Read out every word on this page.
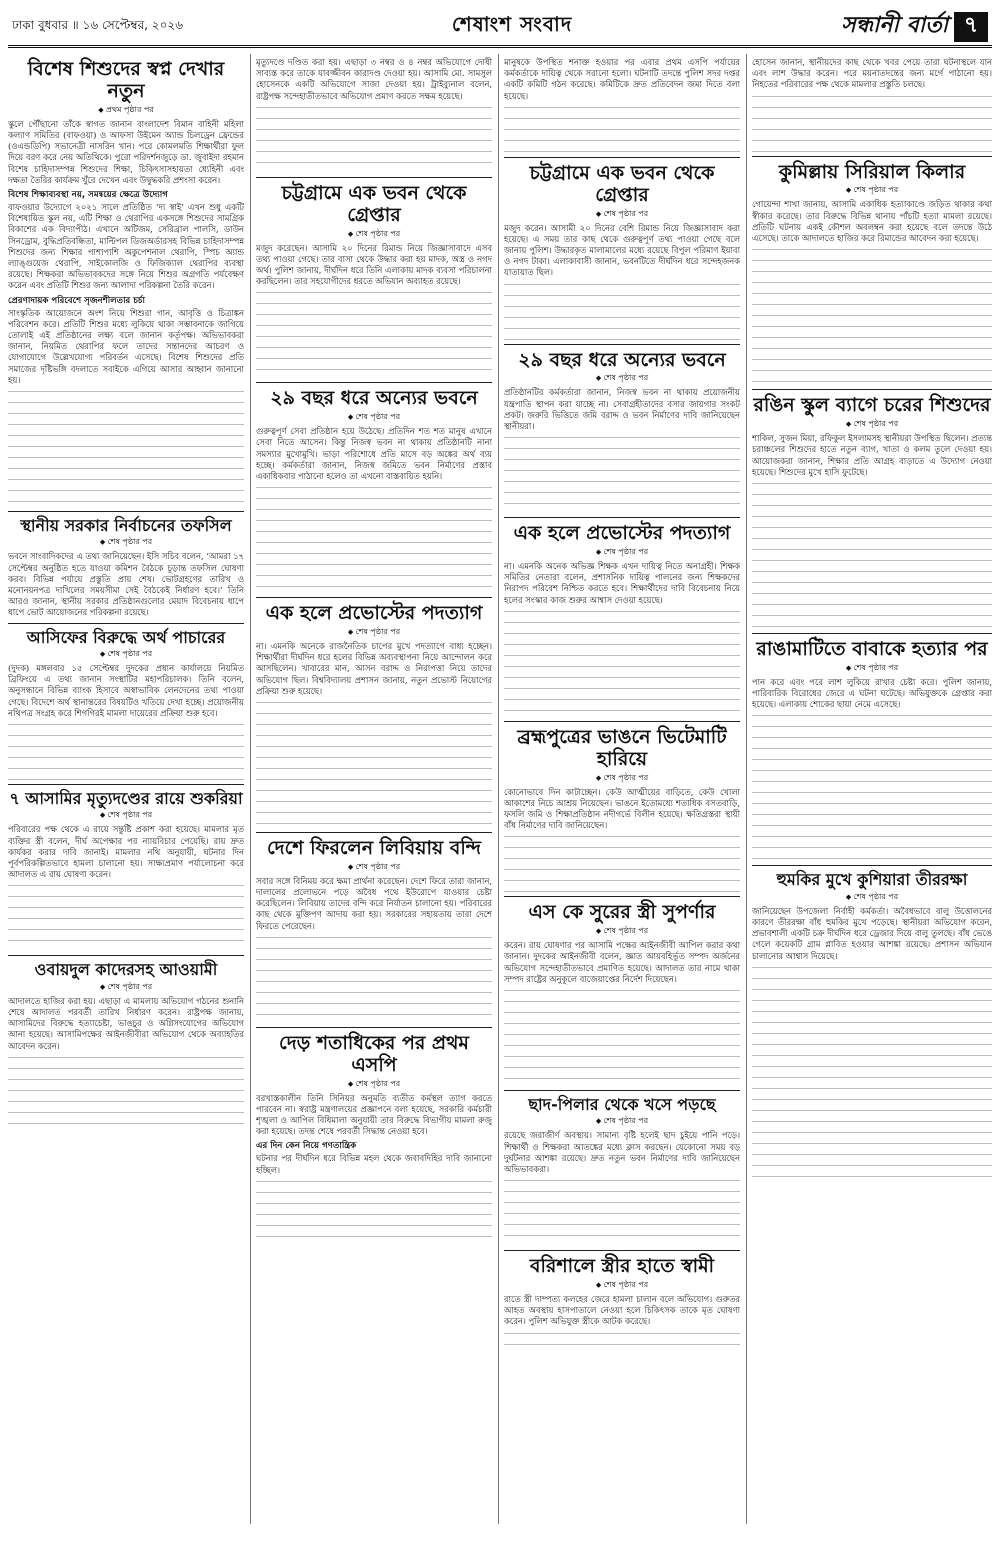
ঢাকা বুধবার ॥ ১৬ সেপ্টেম্বর, ২০২৬	শেষাংশ সংবাদ	সন্ধানী বার্তা ৭
বিশেষ শিশুদের স্বপ্ন দেখার নতুন
◆ প্রথম পৃষ্ঠার পর

স্কুলে পৌঁছানো তাঁকে স্বাগত জানান বাংলাদেশ বিমান বাহিনী মহিলা কল্যাণ সমিতির (বাফওয়া) ও আফসা উইমেন অ্যান্ড চিলড্রেন ফ্রেন্ডের (ওএন্ডডিপি) সভানেত্রী নাসরিন খান। পরে কোমলমতি শিক্ষার্থীরা ফুল দিয়ে বরণ করে নেয় অতিথিকে। পুরো পরিদর্শনজুড়ে ডা. জুবাইদা রহমান বিশেষ চাহিদাসম্পন্ন শিশুদের শিক্ষা, চিকিৎসাসহায়তা ধ্যেহিনী এবং দক্ষতা তৈরির কার্যক্রম খুঁরে দেখেন এবং উদ্বুদ্ধকরি প্রশংসা করেন।

বিশেষ শিক্ষাব্যবস্থা নয়, সমন্বয়ের ক্ষেত্রে উদ্যোগ

বাফওয়ার উদ্যোগে ২০২১ সালে প্রতিষ্ঠিত ‘দ্য স্বাই’ এখন শুধু একটি বিশেষায়িত স্কুল নয়, এটি শিক্ষা ও থেরাপির একসঙ্গে শিশুদের সামগ্রিক বিকাশের এক বিদ্যাপীঠ। এখানে অটিজম, সেরিব্রাল পালসি, ডাউন সিনড্রোম, বুদ্ধিপ্রতিবন্ধিতা, মাল্টিপল ডিজঅর্ডারসহ বিভিন্ন চাহিদাসম্পন্ন শিশুদের জন্য শিক্ষার পাশাপাশি অকুপেশনাল থেরাপি, স্পিচ অ্যান্ড ল্যাঙ্গুয়েজ থেরাপি, সাইকোলজি ও ফিজিক্যাল থেরাপির ব্যবস্থা রয়েছে। শিক্ষকরা অভিভাবকদের সঙ্গে নিয়ে শিশুর অগ্রগতি পর্যবেক্ষণ করেন এবং প্রতিটি শিশুর জন্য আলাদা পরিকল্পনা তৈরি করেন।

প্রেরণাদায়ক পরিবেশে সৃজনশীলতার চর্চা

সাংস্কৃতিক আয়োজনে অংশ নিয়ে শিশুরা গান, আবৃত্তি ও চিত্রাঙ্কন পরিবেশন করে। প্রতিটি শিশুর মধ্যে লুকিয়ে থাকা সম্ভাবনাকে জাগিয়ে তোলাই এই প্রতিষ্ঠানের লক্ষ্য বলে জানান কর্তৃপক্ষ। অভিভাবকরা জানান, নিয়মিত থেরাপির ফলে তাদের সন্তানদের আচরণ ও যোগাযোগে উল্লেখযোগ্য পরিবর্তন এসেছে। বিশেষ শিশুদের প্রতি সমাজের দৃষ্টিভঙ্গি বদলাতে সবাইকে এগিয়ে আসার আহ্বান জানানো হয়।

স্থানীয় সরকার নির্বাচনের তফসিল
◆ শেষ পৃষ্ঠার পর

ভবনে সাংবাদিকদের এ তথ্য জানিয়েছেন। ইসি সচিব বলেন, ‘আমরা ১৭ সেপ্টেম্বর অনুষ্ঠিত হতে যাওয়া কমিশন বৈঠকে চূড়ান্ত তফসিল ঘোষণা করব। বিভিন্ন পর্যায়ে প্রস্তুতি প্রায় শেষ। ভোটগ্রহণের তারিখ ও মনোনয়নপত্র দাখিলের সময়সীমা সেই বৈঠকেই নির্ধারণ হবে।’ তিনি আরও জানান, স্থানীয় সরকার প্রতিষ্ঠানগুলোর মেয়াদ বিবেচনায় ধাপে ধাপে ভোট আয়োজনের পরিকল্পনা রয়েছে।

আসিফের বিরুদ্ধে অর্থ পাচারের
◆ শেষ পৃষ্ঠার পর

(দুদক) মঙ্গলবার ১৫ সেপ্টেম্বর দুদকের প্রধান কার্যালয়ে নিয়মিত ব্রিফিংয়ে এ তথ্য জানান সংস্থাটির মহাপরিচালক। তিনি বলেন, অনুসন্ধানে বিভিন্ন ব্যাংক হিসাবে অস্বাভাবিক লেনদেনের তথ্য পাওয়া গেছে। বিদেশে অর্থ স্থানান্তরের বিষয়টিও খতিয়ে দেখা হচ্ছে। প্রয়োজনীয় নথিপত্র সংগ্রহ করে শিগগিরই মামলা দায়েরের প্রক্রিয়া শুরু হবে।

৭ আসামির মৃত্যুদণ্ডের রায়ে শুকরিয়া
◆ শেষ পৃষ্ঠার পর

পরিবারের পক্ষ থেকে এ রায়ে সন্তুষ্টি প্রকাশ করা হয়েছে। মামলার মৃত ব্যক্তির স্ত্রী বলেন, দীর্ঘ অপেক্ষার পর ন্যায়বিচার পেয়েছি। রায় দ্রুত কার্যকর করার দাবি জানাই। মামলার নথি অনুযায়ী, ঘটনার দিন পূর্বপরিকল্পিতভাবে হামলা চালানো হয়। সাক্ষ্যপ্রমাণ পর্যালোচনা করে আদালত এ রায় ঘোষণা করেন।

ওবায়দুল কাদেরসহ আওয়ামী
◆ শেষ পৃষ্ঠার পর

আদালতে হাজির করা হয়। এছাড়া এ মামলায় অভিযোগ গঠনের শুনানি শেষে আদালত পরবর্তী তারিখ নির্ধারণ করেন। রাষ্ট্রপক্ষ জানায়, আসামিদের বিরুদ্ধে হত্যাচেষ্টা, ভাঙচুর ও অগ্নিসংযোগের অভিযোগ আনা হয়েছে। আসামিপক্ষের আইনজীবীরা অভিযোগ থেকে অব্যাহতির আবেদন করেন।

মৃত্যুদণ্ডে দণ্ডিত করা হয়। এছাড়া ৩ নম্বর ও ৪ নম্বর অভিযোগে দোষী সাব্যস্ত করে তাকে যাবজ্জীবন কারাদণ্ড দেওয়া হয়। আসামি মো. সামসুল হোসেনকে একটি অভিযোগে সাজা দেওয়া হয়। ট্রাইব্যুনাল বলেন, রাষ্ট্রপক্ষ সন্দেহাতীতভাবে অভিযোগ প্রমাণ করতে সক্ষম হয়েছে।

চট্টগ্রামে এক ভবন থেকে গ্রেপ্তার
◆ শেষ পৃষ্ঠার পর

মজুদ করেছেন। আসামি ২০ দিনের রিমান্ড নিয়ে জিজ্ঞাসাবাদে এসব তথ্য পাওয়া গেছে। তার বাসা থেকে উদ্ধার করা হয় মাদক, অস্ত্র ও নগদ অর্থ। পুলিশ জানায়, দীর্ঘদিন ধরে তিনি এলাকায় মাদক ব্যবসা পরিচালনা করছিলেন। তার সহযোগীদের ধরতে অভিযান অব্যাহত রয়েছে।

২৯ বছর ধরে অন্যের ভবনে
◆ শেষ পৃষ্ঠার পর

গুরুত্বপূর্ণ সেবা প্রতিষ্ঠান হয়ে উঠেছে। প্রতিদিন শত শত মানুষ এখানে সেবা নিতে আসেন। কিন্তু নিজস্ব ভবন না থাকায় প্রতিষ্ঠানটি নানা সমস্যার মুখোমুখি। ভাড়া পরিশোধে প্রতি মাসে বড় অঙ্কের অর্থ ব্যয় হচ্ছে। কর্মকর্তারা জানান, নিজস্ব জমিতে ভবন নির্মাণের প্রস্তাব একাধিকবার পাঠানো হলেও তা এখনো বাস্তবায়িত হয়নি।

এক হলে প্রভোস্টের পদত্যাগ
◆ শেষ পৃষ্ঠার পর

না। এমনকি অনেকে রাজনৈতিক চাপের মুখে পদত্যাগে বাধ্য হচ্ছেন। শিক্ষার্থীরা দীর্ঘদিন ধরে হলের বিভিন্ন অব্যবস্থাপনা নিয়ে আন্দোলন করে আসছিলেন। খাবারের মান, আসন বরাদ্দ ও নিরাপত্তা নিয়ে তাদের অভিযোগ ছিল। বিশ্ববিদ্যালয় প্রশাসন জানায়, নতুন প্রভোস্ট নিয়োগের প্রক্রিয়া শুরু হয়েছে।

দেশে ফিরলেন লিবিয়ায় বন্দি
◆ শেষ পৃষ্ঠার পর

সবার সঙ্গে বিনিময় করে ক্ষমা প্রার্থনা করেছেন। দেশে ফিরে তারা জানান, দালালের প্রলোভনে পড়ে অবৈধ পথে ইউরোপে যাওয়ার চেষ্টা করেছিলেন। লিবিয়ায় তাদের বন্দি করে নির্যাতন চালানো হয়। পরিবারের কাছ থেকে মুক্তিপণ আদায় করা হয়। সরকারের সহায়তায় তারা দেশে ফিরতে পেরেছেন।

দেড় শতাধিকের পর প্রথম এসপি
◆ শেষ পৃষ্ঠার পর

বরখাস্তকালীন তিনি সিনিয়র অনুমতি ব্যতীত কর্মস্থল ত্যাগ করতে পারবেন না। স্বরাষ্ট্র মন্ত্রণালয়ের প্রজ্ঞাপনে বলা হয়েছে, সরকারি কর্মচারী শৃঙ্খলা ও আপিল বিধিমালা অনুযায়ী তার বিরুদ্ধে বিভাগীয় মামলা রুজু করা হয়েছে। তদন্ত শেষে পরবর্তী সিদ্ধান্ত নেওয়া হবে।

এর দিন কেন নিয়ে গণতান্ত্রিক

ঘটনার পর দীর্ঘদিন ধরে বিভিন্ন মহল থেকে জবাবদিহির দাবি জানানো হচ্ছিল।

মানুষকে উপস্থিত শনাক্ত হওয়ার পর এবার প্রথম এসপি পর্যায়ের কর্মকর্তাকে দায়িত্ব থেকে সরানো হলো। ঘটনাটি তদন্তে পুলিশ সদর দপ্তর একটি কমিটি গঠন করেছে। কমিটিকে দ্রুত প্রতিবেদন জমা দিতে বলা হয়েছে।

চট্টগ্রামে এক ভবন থেকে গ্রেপ্তার
◆ শেষ পৃষ্ঠার পর

মজুদ করেন। আসামী ২০ দিনের বেশি রিমান্ড নিয়ে জিজ্ঞাসাবাদ করা হয়েছে। এ সময় তার কাছ থেকে গুরুত্বপূর্ণ তথ্য পাওয়া গেছে বলে জানায় পুলিশ। উদ্ধারকৃত মালামালের মধ্যে রয়েছে বিপুল পরিমাণ ইয়াবা ও নগদ টাকা। এলাকাবাসী জানান, ভবনটিতে দীর্ঘদিন ধরে সন্দেহজনক যাতায়াত ছিল।

২৯ বছর ধরে অন্যের ভবনে
◆ শেষ পৃষ্ঠার পর

প্রতিষ্ঠানটির কর্মকর্তারা জানান, নিজস্ব ভবন না থাকায় প্রয়োজনীয় যন্ত্রপাতি স্থাপন করা যাচ্ছে না। সেবাগ্রহীতাদের বসার জায়গার সংকট প্রকট। জরুরি ভিত্তিতে জমি বরাদ্দ ও ভবন নির্মাণের দাবি জানিয়েছেন স্থানীয়রা।

এক হলে প্রভোস্টের পদত্যাগ
◆ শেষ পৃষ্ঠার পর

না। এমনকি অনেক অভিজ্ঞ শিক্ষক এখন দায়িত্ব নিতে অনাগ্রহী। শিক্ষক সমিতির নেতারা বলেন, প্রশাসনিক দায়িত্ব পালনের জন্য শিক্ষকদের নিরাপদ পরিবেশ নিশ্চিত করতে হবে। শিক্ষার্থীদের দাবি বিবেচনায় নিয়ে হলের সংস্কার কাজ শুরুর আশ্বাস দেওয়া হয়েছে।

ব্রহ্মপুত্রের ভাঙনে ভিটেমাটি হারিয়ে
◆ শেষ পৃষ্ঠার পর

কোনোভাবে দিন কাটাচ্ছেন। কেউ আত্মীয়ের বাড়িতে, কেউ খোলা আকাশের নিচে আশ্রয় নিয়েছেন। ভাঙনে ইতোমধ্যে শতাধিক বসতবাড়ি, ফসলি জমি ও শিক্ষাপ্রতিষ্ঠান নদীগর্ভে বিলীন হয়েছে। ক্ষতিগ্রস্তরা স্থায়ী বাঁধ নির্মাণের দাবি জানিয়েছেন।

এস কে সুরের স্ত্রী সুপর্ণার
◆ শেষ পৃষ্ঠার পর

করেন। রায় ঘোষণার পর আসামি পক্ষের আইনজীবী আপিল করার কথা জানান। দুদকের আইনজীবী বলেন, জ্ঞাত আয়বহির্ভূত সম্পদ অর্জনের অভিযোগ সন্দেহাতীতভাবে প্রমাণিত হয়েছে। আদালত তার নামে থাকা সম্পদ রাষ্ট্রের অনুকূলে বাজেয়াপ্তের নির্দেশ দিয়েছেন।

ছাদ-পিলার থেকে খসে পড়ছে
◆ শেষ পৃষ্ঠার পর

রয়েছে জরাজীর্ণ অবস্থায়। সামান্য বৃষ্টি হলেই ছাদ চুইয়ে পানি পড়ে। শিক্ষার্থী ও শিক্ষকরা আতঙ্কের মধ্যে ক্লাস করছেন। যেকোনো সময় বড় দুর্ঘটনার আশঙ্কা রয়েছে। দ্রুত নতুন ভবন নির্মাণের দাবি জানিয়েছেন অভিভাবকরা।

বরিশালে স্ত্রীর হাতে স্বামী
◆ শেষ পৃষ্ঠার পর

রাতে স্ত্রী দাম্পত্য কলহের জেরে হামলা চালান বলে অভিযোগ। গুরুতর আহত অবস্থায় হাসপাতালে নেওয়া হলে চিকিৎসক তাকে মৃত ঘোষণা করেন। পুলিশ অভিযুক্ত স্ত্রীকে আটক করেছে।

হোসেন জানান, স্থানীয়দের কাছ থেকে খবর পেয়ে তারা ঘটনাস্থলে যান এবং লাশ উদ্ধার করেন। পরে ময়নাতদন্তের জন্য মর্গে পাঠানো হয়। নিহতের পরিবারের পক্ষ থেকে মামলার প্রস্তুতি চলছে।

কুমিল্লায় সিরিয়াল কিলার
◆ শেষ পৃষ্ঠার পর

গোয়েন্দা শাখা জানায়, আসামি একাধিক হত্যাকাণ্ডে জড়িত থাকার কথা স্বীকার করেছে। তার বিরুদ্ধে বিভিন্ন থানায় পাঁচটি হত্যা মামলা রয়েছে। প্রতিটি ঘটনায় একই কৌশল অবলম্বন করা হয়েছে বলে তদন্তে উঠে এসেছে। তাকে আদালতে হাজির করে রিমান্ডের আবেদন করা হয়েছে।

রঙিন স্কুল ব্যাগে চরের শিশুদের
◆ শেষ পৃষ্ঠার পর

শাকিল, সুজন মিয়া, রফিকুল ইসলামসহ স্থানীয়রা উপস্থিত ছিলেন। প্রত্যন্ত চরাঞ্চলের শিশুদের হাতে নতুন ব্যাগ, খাতা ও কলম তুলে দেওয়া হয়। আয়োজকরা জানান, শিক্ষার প্রতি আগ্রহ বাড়াতে এ উদ্যোগ নেওয়া হয়েছে। শিশুদের মুখে হাসি ফুটেছে।

রাঙামাটিতে বাবাকে হত্যার পর
◆ শেষ পৃষ্ঠার পর

পান করে এবং পরে লাশ লুকিয়ে রাখার চেষ্টা করে। পুলিশ জানায়, পারিবারিক বিরোধের জেরে এ ঘটনা ঘটেছে। অভিযুক্তকে গ্রেপ্তার করা হয়েছে। এলাকায় শোকের ছায়া নেমে এসেছে।

হুমকির মুখে কুশিয়ারা তীররক্ষা
◆ শেষ পৃষ্ঠার পর

জানিয়েছেন উপজেলা নির্বাহী কর্মকর্তা। অবৈধভাবে বালু উত্তোলনের কারণে তীররক্ষা বাঁধ হুমকির মুখে পড়েছে। স্থানীয়রা অভিযোগ করেন, প্রভাবশালী একটি চক্র দীর্ঘদিন ধরে ড্রেজার দিয়ে বালু তুলছে। বাঁধ ভেঙে গেলে কয়েকটি গ্রাম প্লাবিত হওয়ার আশঙ্কা রয়েছে। প্রশাসন অভিযান চালানোর আশ্বাস দিয়েছে।
